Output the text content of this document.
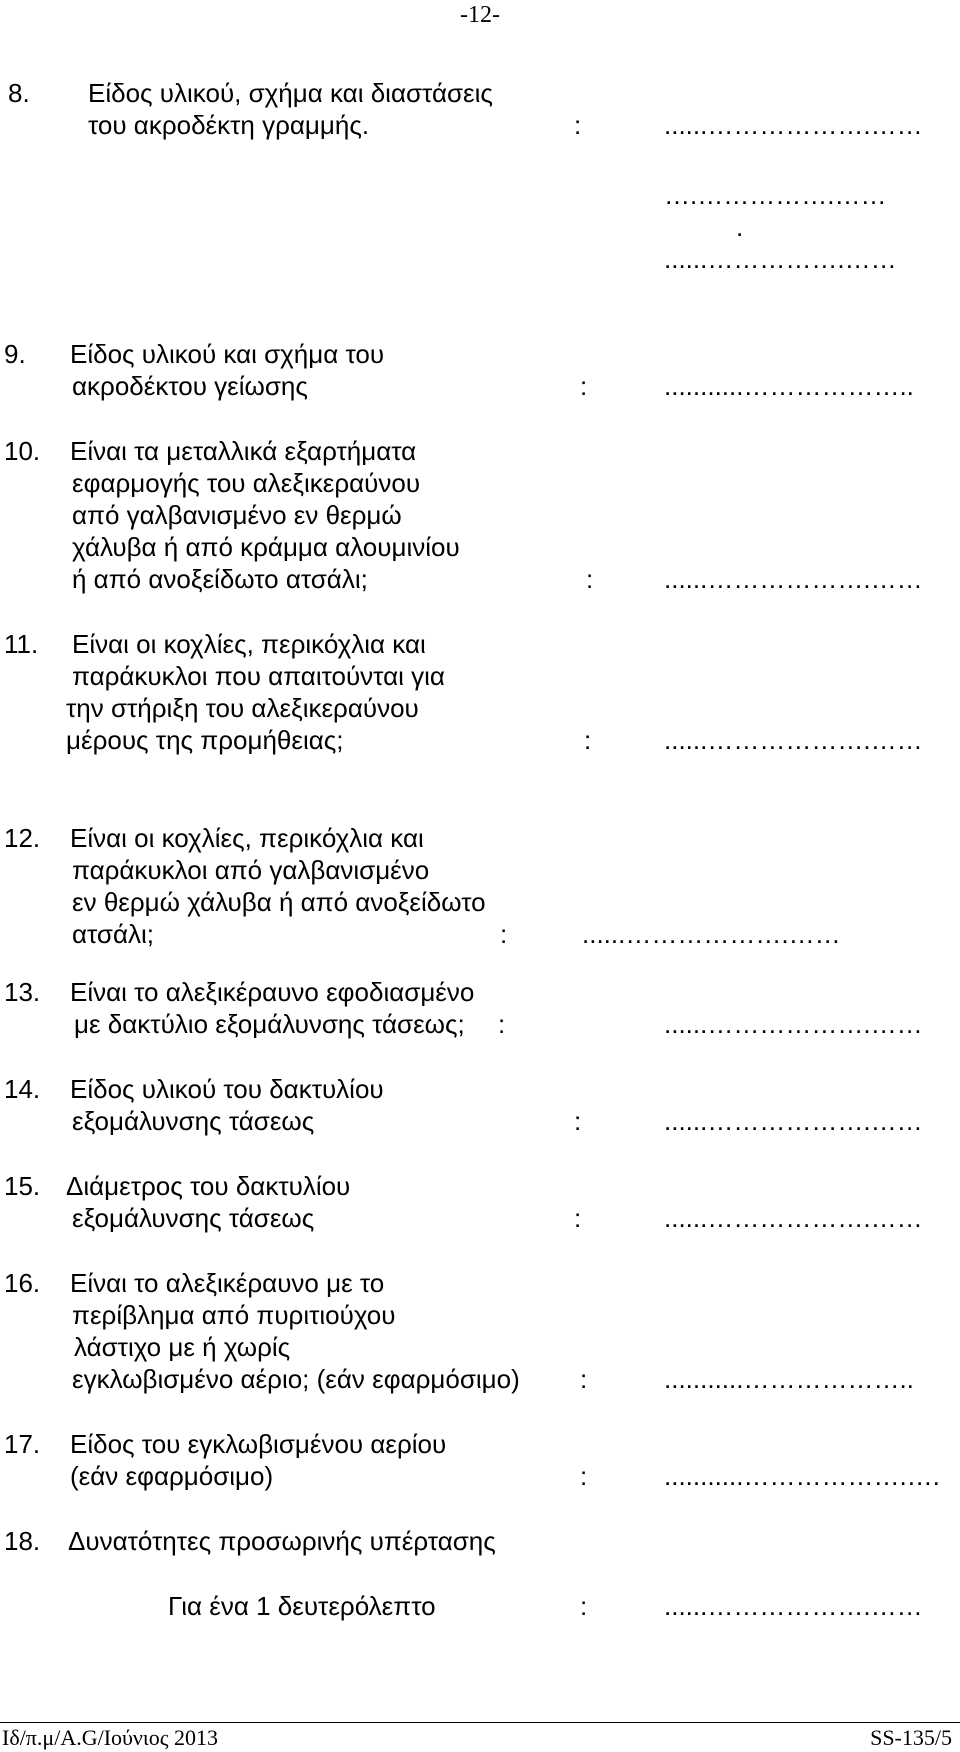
-12-
8. Είδος υλικού, σχήμα και διαστάσεις
του ακροδέκτη γραμμής.	:	......……………….……
….…………….……
.
......…………….……
9. Είδος υλικού και σχήμα του
ακροδέκτου γείωσης	:	...........………………..
10. Είναι τα μεταλλικά εξαρτήματα
εφαρμογής του αλεξικεραύνου
από γαλβανισμένο εν θερμώ
χάλυβα ή από κράμμα αλουμινίου
ή από ανοξείδωτο ατσάλι;	:	......……………….……
11. Είναι οι κοχλίες, περικόχλια και
παράκυκλοι που απαιτούνται για
την στήριξη του αλεξικεραύνου
μέρους της προμήθειας;	:	......……………….……
12. Είναι οι κοχλίες, περικόχλια και
παράκυκλοι από γαλβανισμένο
εν θερμώ χάλυβα ή από ανοξείδωτο
ατσάλι;	:	......……………….……
13. Είναι το αλεξικέραυνο εφοδιασμένο
με δακτύλιο εξομάλυνσης τάσεως; :	......……………….……
14. Είδος υλικού του δακτυλίου
εξομάλυνσης τάσεως	:	......……………….……
15. Διάμετρος του δακτυλίου
εξομάλυνσης τάσεως	:	......……………….……
16. Είναι το αλεξικέραυνο με το
περίβλημα από πυριτιούχου
λάστιχο με ή χωρίς
εγκλωβισμένο αέριο; (εάν εφαρμόσιμο) :	...........………………..
17. Είδος του εγκλωβισμένου αερίου
(εάν εφαρμόσιμο)	:	...........……………….….
18. Δυνατότητες προσωρινής υπέρτασης
Για ένα 1 δευτερόλεπτο	:	......……………….……
Ιδ/π.μ/A.G/Ιούνιος 2013	SS-135/5
